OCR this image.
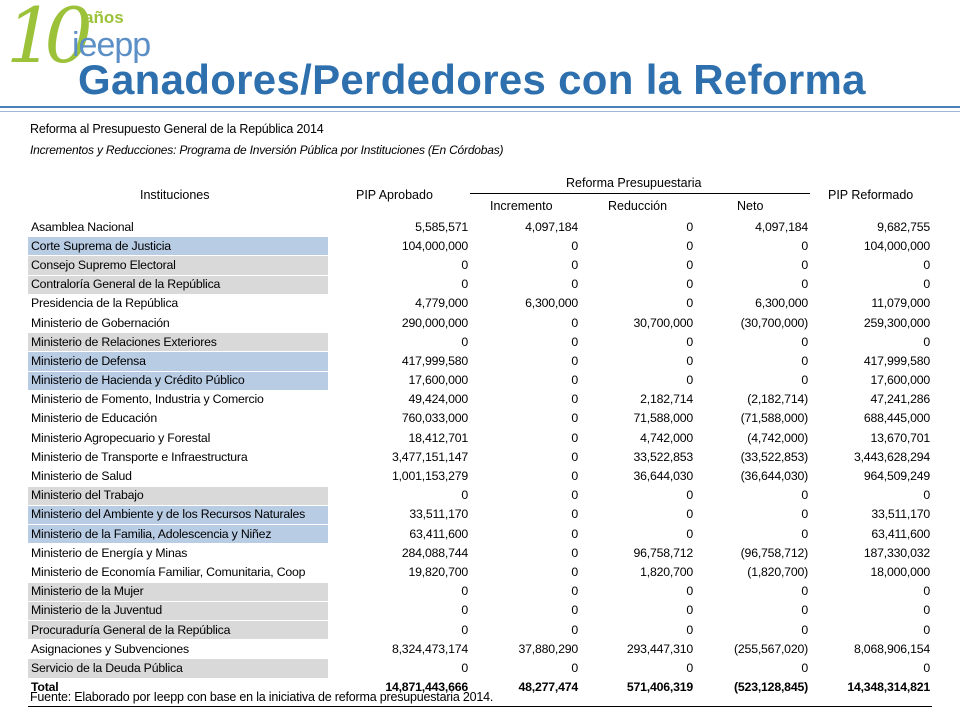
10 años
ieepp
Ganadores/Perdedores con la Reforma
Reforma al Presupuesto General de la República 2014
Incrementos y Reducciones: Programa de Inversión Pública por Instituciones (En Córdobas)
Instituciones	PIP Aprobado
Reforma Presupuestaria
Incremento	Reducción	Neto
PIP Reformado
Asamblea Nacional	5,585,571	4,097,184	0	4,097,184	9,682,755
Corte Suprema de Justicia	104,000,000	0	0	0	104,000,000
Consejo Supremo Electoral	0	0	0	0	0
Contraloría General de la República	0	0	0	0	0
Presidencia de la República	4,779,000	6,300,000	0	6,300,000	11,079,000
Ministerio de Gobernación	290,000,000	0	30,700,000	(30,700,000)	259,300,000
Ministerio de Relaciones Exteriores	0	0	0	0	0
Ministerio de Defensa	417,999,580	0	0	0	417,999,580
Ministerio de Hacienda y Crédito Público	17,600,000	0	0	0	17,600,000
Ministerio de Fomento, Industria y Comercio	49,424,000	0	2,182,714	(2,182,714)	47,241,286
Ministerio de Educación	760,033,000	0	71,588,000	(71,588,000)	688,445,000
Ministerio Agropecuario y Forestal	18,412,701	0	4,742,000	(4,742,000)	13,670,701
Ministerio de Transporte e Infraestructura	3,477,151,147	0	33,522,853	(33,522,853)	3,443,628,294
Ministerio de Salud	1,001,153,279	0	36,644,030	(36,644,030)	964,509,249
Ministerio del Trabajo	0	0	0	0	0
Ministerio del Ambiente y de los Recursos Naturales	33,511,170	0	0	0	33,511,170
Ministerio de la Familia, Adolescencia y Niñez	63,411,600	0	0	0	63,411,600
Ministerio de Energía y Minas	284,088,744	0	96,758,712	(96,758,712)	187,330,032
Ministerio de Economía Familiar, Comunitaria, Coop	19,820,700	0	1,820,700	(1,820,700)	18,000,000
Ministerio de la Mujer	0	0	0	0	0
Ministerio de la Juventud	0	0	0	0	0
Procuraduría General de la República	0	0	0	0	0
Asignaciones y Subvenciones	8,324,473,174	37,880,290	293,447,310	(255,567,020)	8,068,906,154
Servicio de la Deuda Pública	0	0	0	0	0
Total	14,871,443,666	48,277,474	571,406,319	(523,128,845)	14,348,314,821
Fuente: Elaborado por Ieepp con base en la iniciativa de reforma presupuestaria 2014.
